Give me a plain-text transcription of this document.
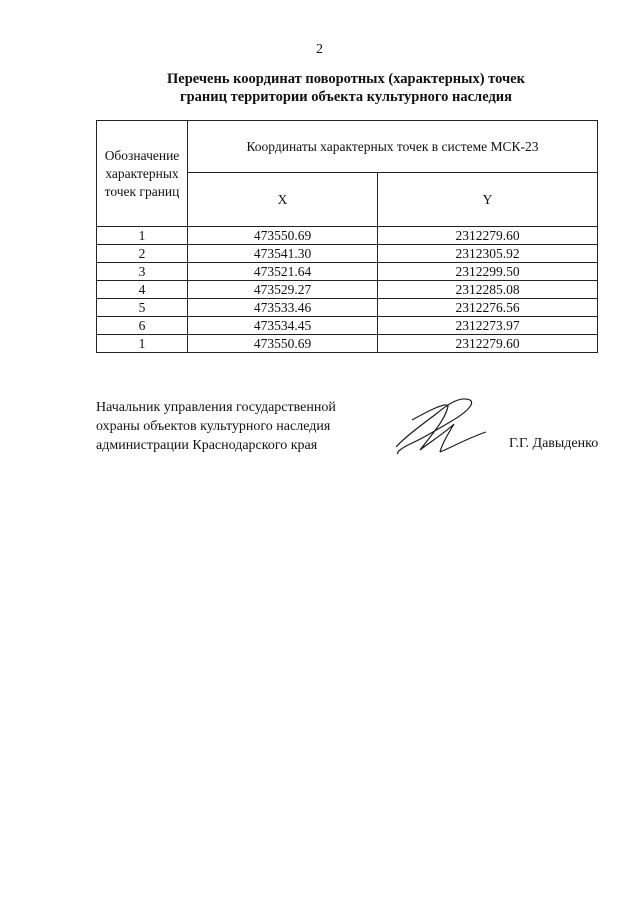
2
Перечень координат поворотных (характерных) точек
границ территории объекта культурного наследия
Обозначение
характерных
точек границ	Координаты характерных точек в системе МСК-23	
	X	Y
1	473550.69	2312279.60
2	473541.30	2312305.92
3	473521.64	2312299.50
4	473529.27	2312285.08
5	473533.46	2312276.56
6	473534.45	2312273.97
1	473550.69	2312279.60
Начальник управления государственной
охраны объектов культурного наследия
администрации Краснодарского края	Г.Г. Давыденко
